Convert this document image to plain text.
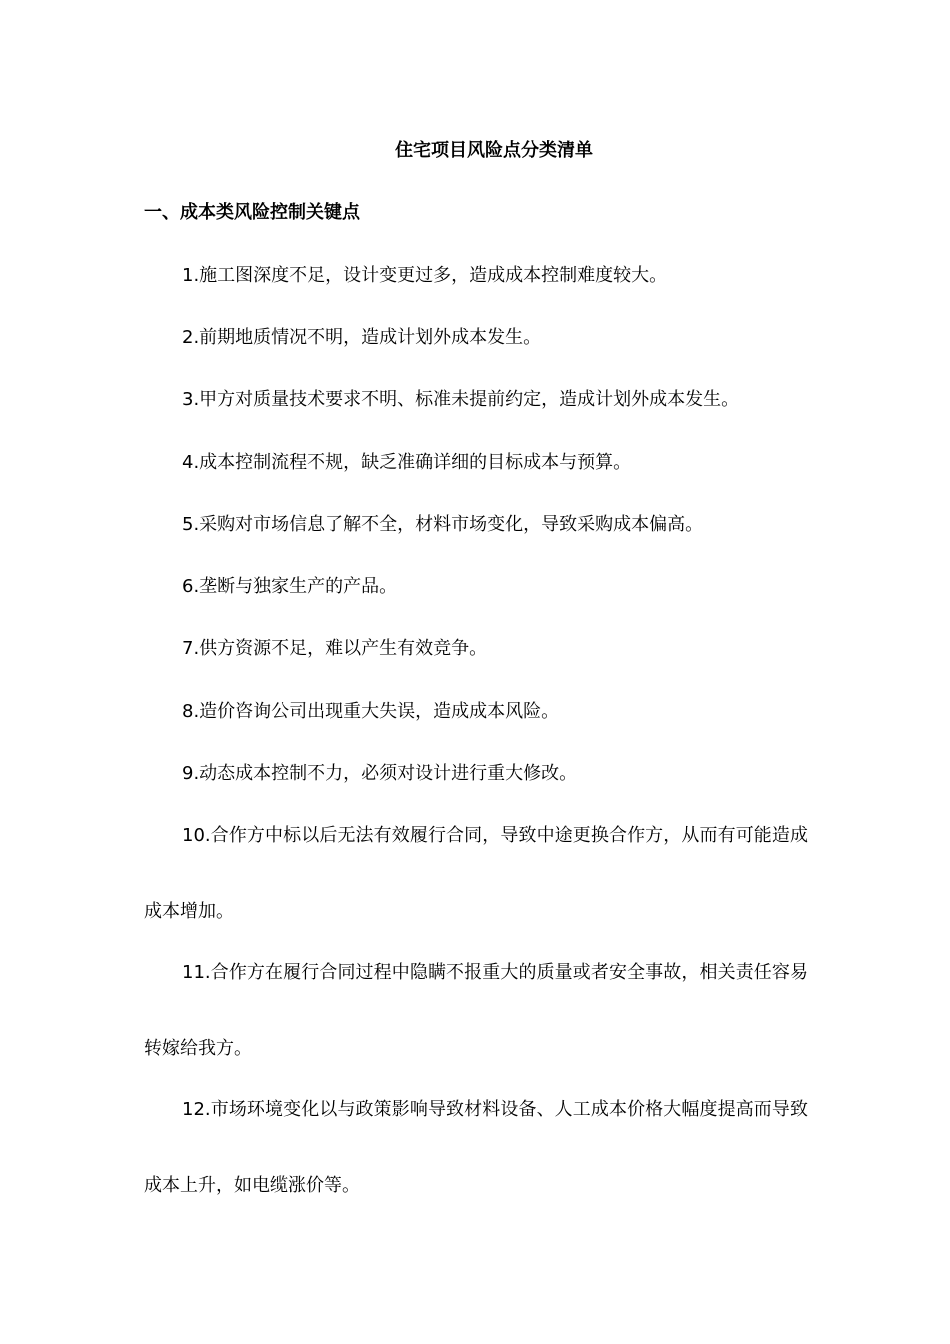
住宅项目风险点分类清单
一、成本类风险控制关键点
1.施工图深度不足，设计变更过多，造成成本控制难度较大。
2.前期地质情况不明，造成计划外成本发生。
3.甲方对质量技术要求不明、标准未提前约定，造成计划外成本发生。
4.成本控制流程不规，缺乏准确详细的目标成本与预算。
5.采购对市场信息了解不全，材料市场变化，导致采购成本偏高。
6.垄断与独家生产的产品。
7.供方资源不足，难以产生有效竞争。
8.造价咨询公司出现重大失误，造成成本风险。
9.动态成本控制不力，必须对设计进行重大修改。
10.合作方中标以后无法有效履行合同，导致中途更换合作方，从而有可能造成成本增加。
11.合作方在履行合同过程中隐瞒不报重大的质量或者安全事故，相关责任容易转嫁给我方。
12.市场环境变化以与政策影响导致材料设备、人工成本价格大幅度提高而导致成本上升，如电缆涨价等。
